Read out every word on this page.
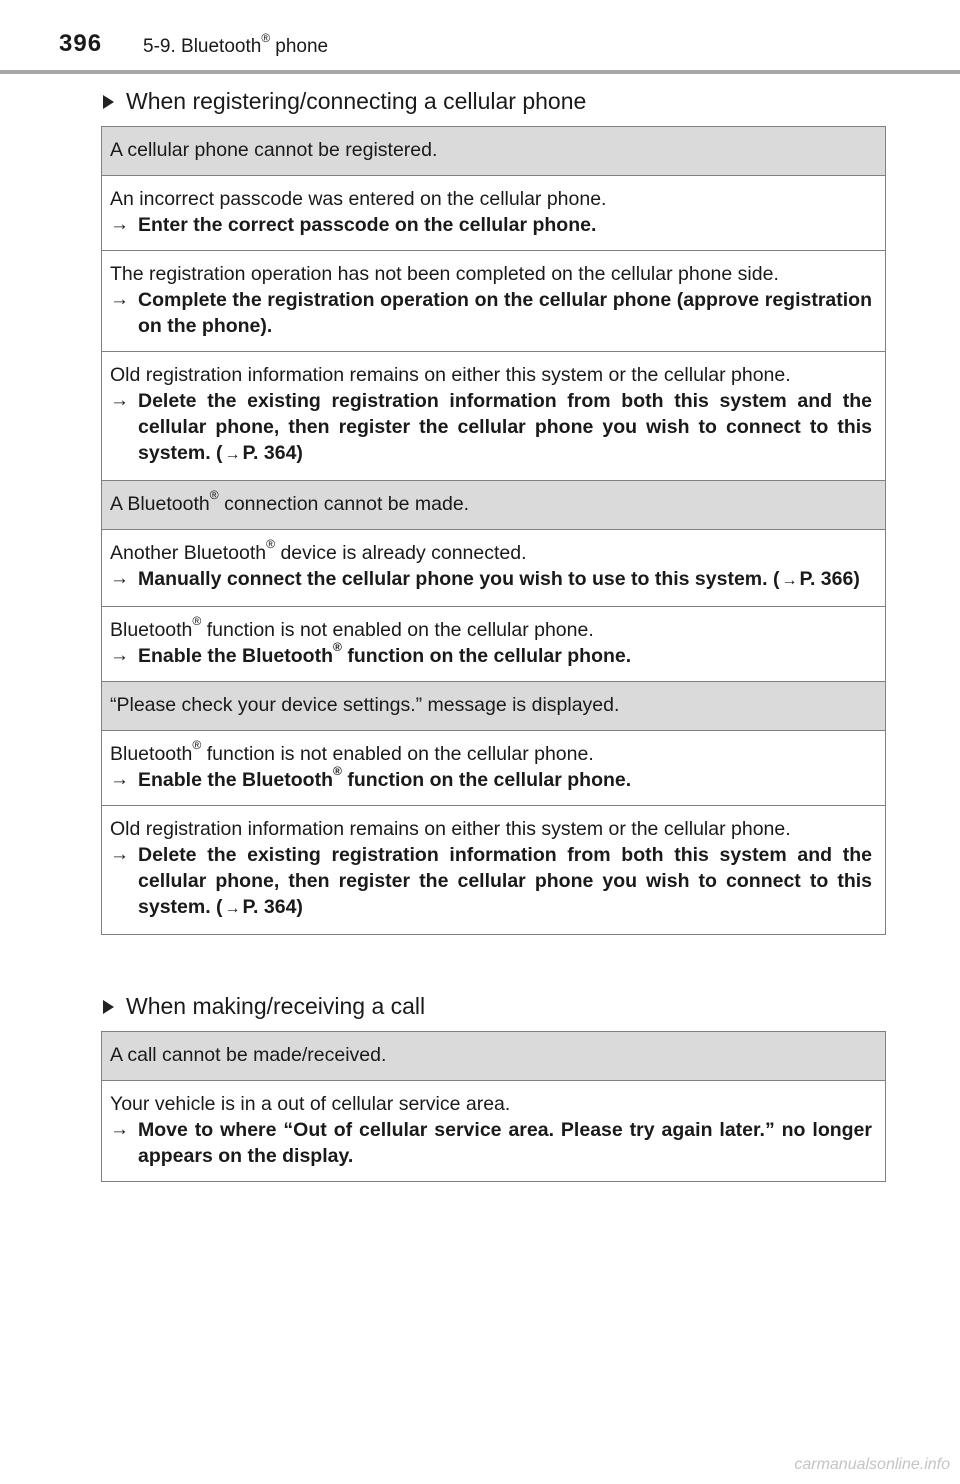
396 5-9. Bluetooth® phone
When registering/connecting a cellular phone
A cellular phone cannot be registered.
An incorrect passcode was entered on the cellular phone.
→ Enter the correct passcode on the cellular phone.
The registration operation has not been completed on the cellular phone side.
→ Complete the registration operation on the cellular phone (approve registration on the phone).
Old registration information remains on either this system or the cellular phone.
→ Delete the existing registration information from both this system and the cellular phone, then register the cellular phone you wish to connect to this system. ( → P. 364)
A Bluetooth® connection cannot be made.
Another Bluetooth® device is already connected.
→ Manually connect the cellular phone you wish to use to this system. ( → P. 366)
Bluetooth® function is not enabled on the cellular phone.
→ Enable the Bluetooth® function on the cellular phone.
“Please check your device settings.” message is displayed.
Bluetooth® function is not enabled on the cellular phone.
→ Enable the Bluetooth® function on the cellular phone.
Old registration information remains on either this system or the cellular phone.
→ Delete the existing registration information from both this system and the cellular phone, then register the cellular phone you wish to connect to this system. ( → P. 364)
When making/receiving a call
A call cannot be made/received.
Your vehicle is in a out of cellular service area.
→ Move to where “Out of cellular service area. Please try again later.” no longer appears on the display.
carmanualsonline.info
